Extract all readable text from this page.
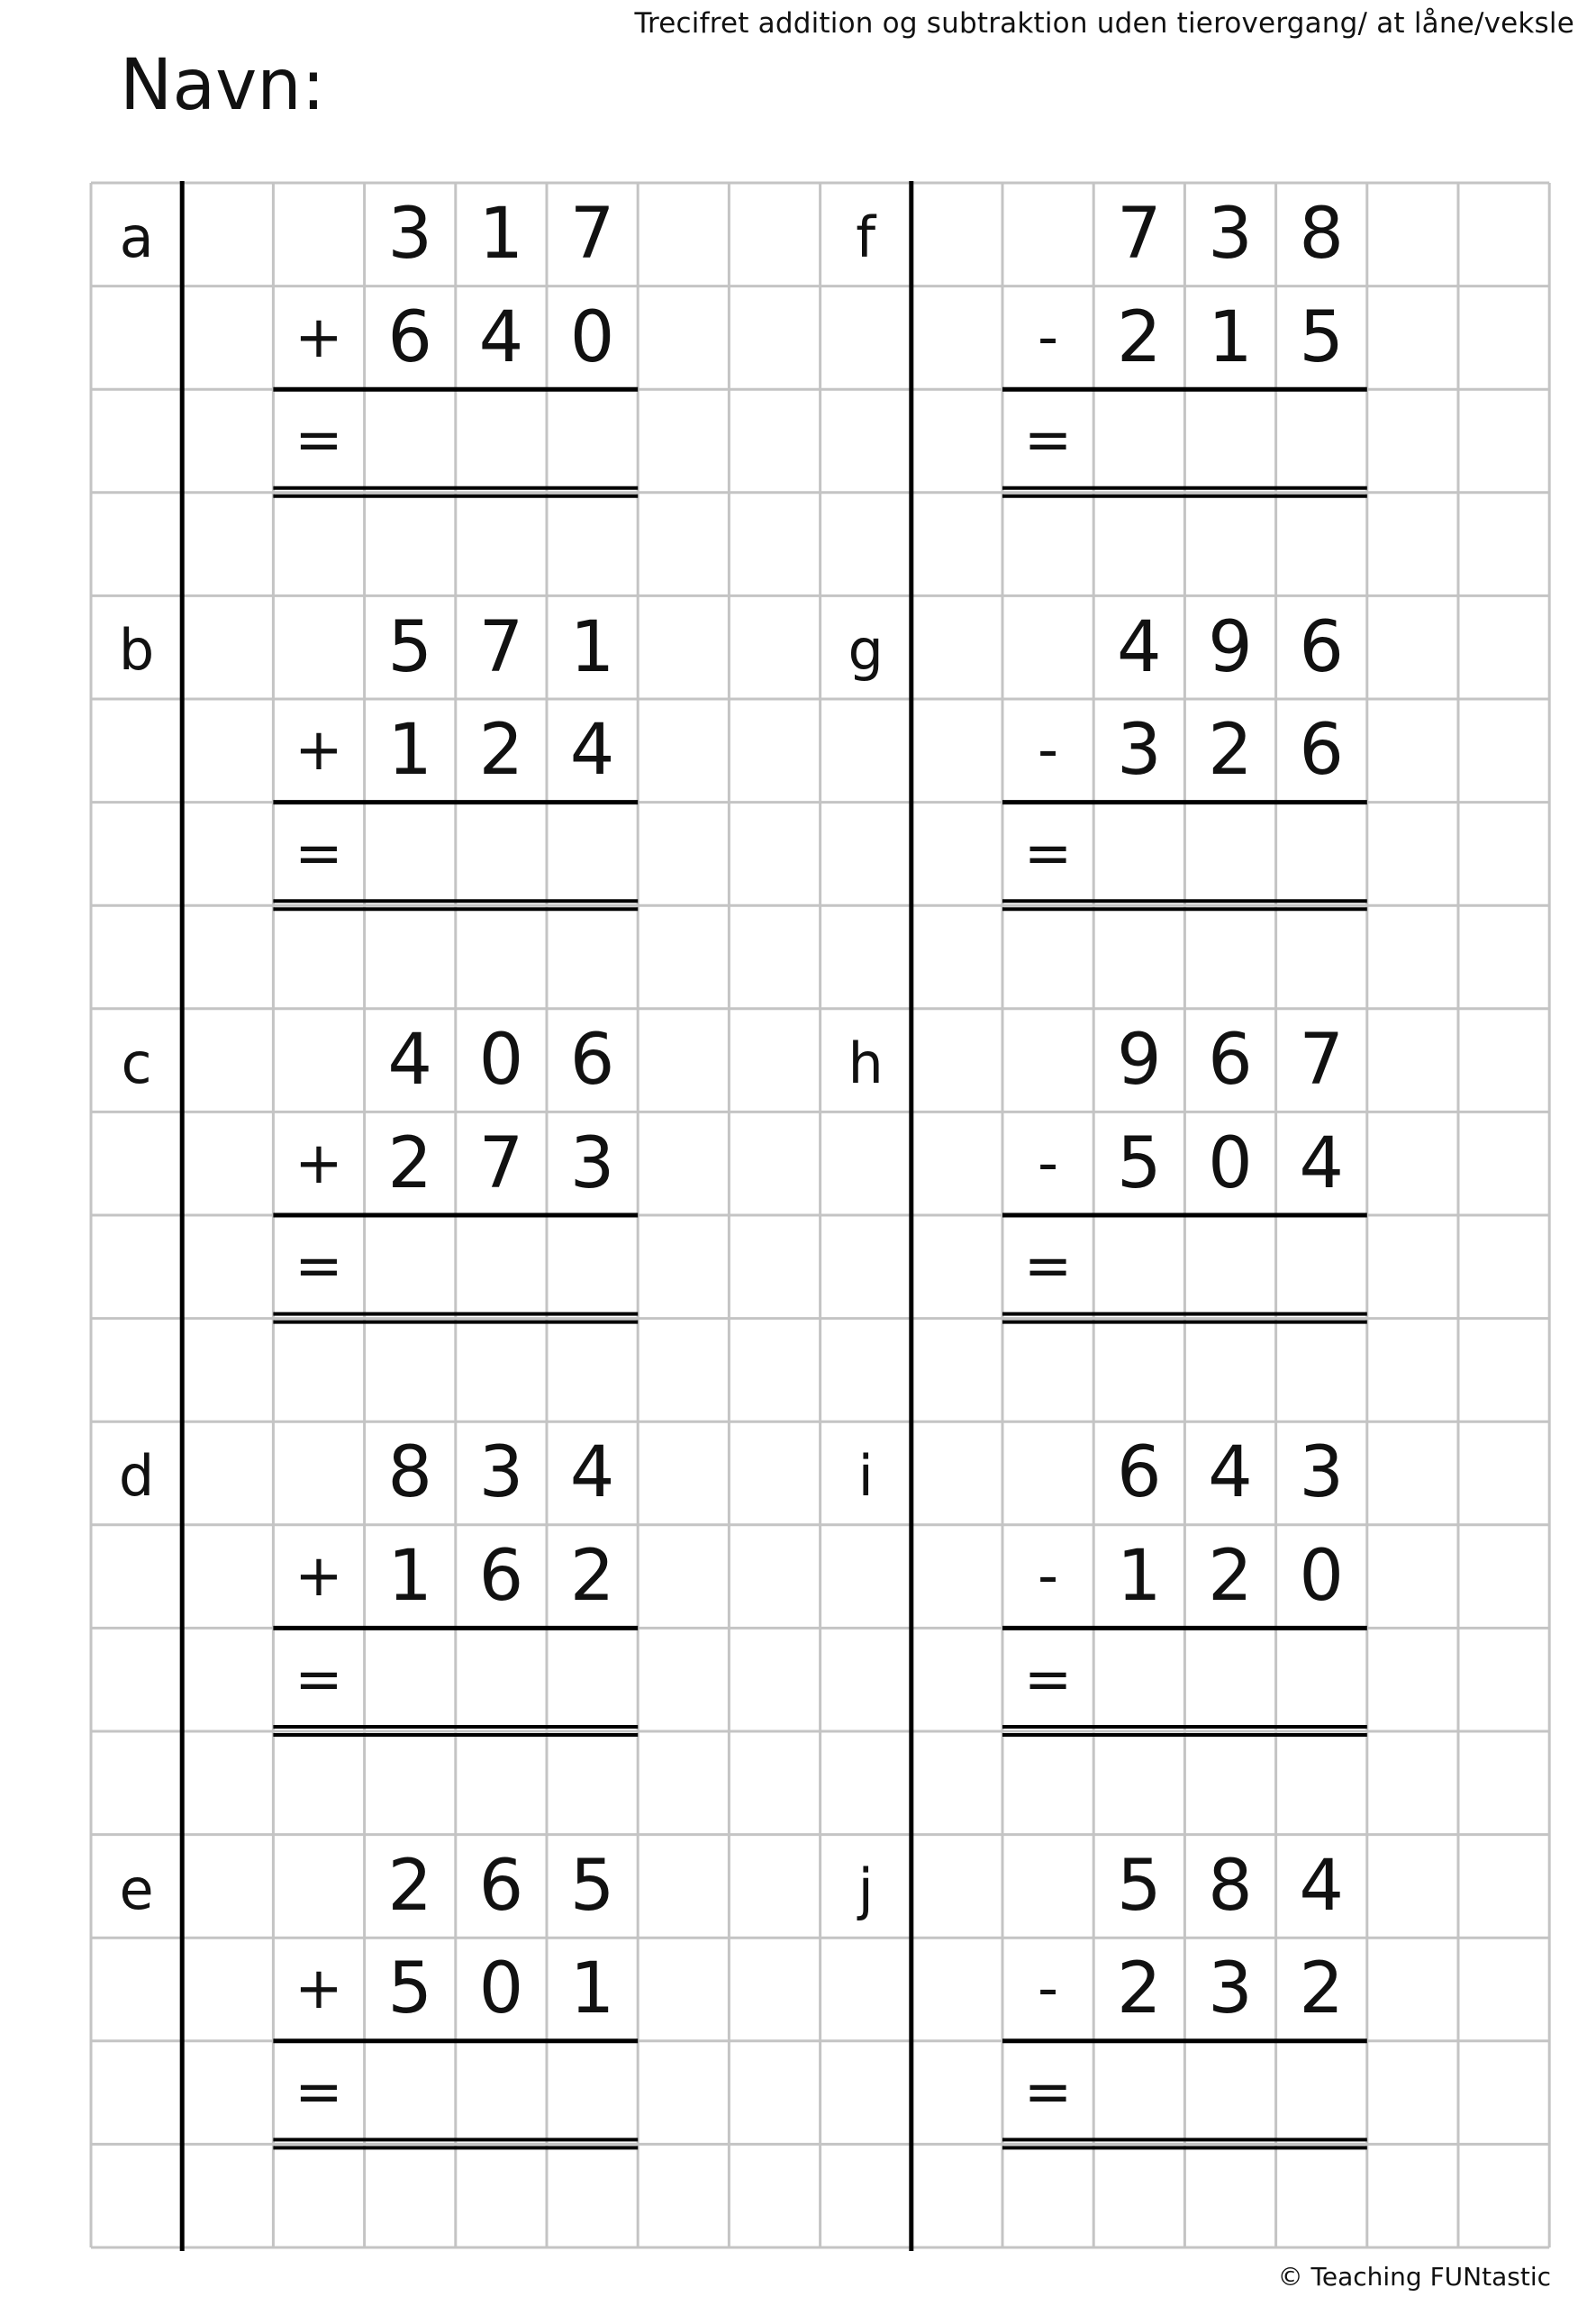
Trecifret addition og subtraktion uden tierovergang/ at låne/veksle
Navn:
a	3 1 7
+ 6 4 0
=
b	5 7 1
+ 1 2 4
=
c	4 0 6
+ 2 7 3
=
d	8 3 4
+ 1 6 2
=
e	2 6 5
+ 5 0 1
=
f	7 3 8
- 2 1 5
=
g	4 9 6
- 3 2 6
=
h	9 6 7
- 5 0 4
=
i	6 4 3
- 1 2 0
=
j	5 8 4
- 2 3 2
=
© Teaching FUNtastic
